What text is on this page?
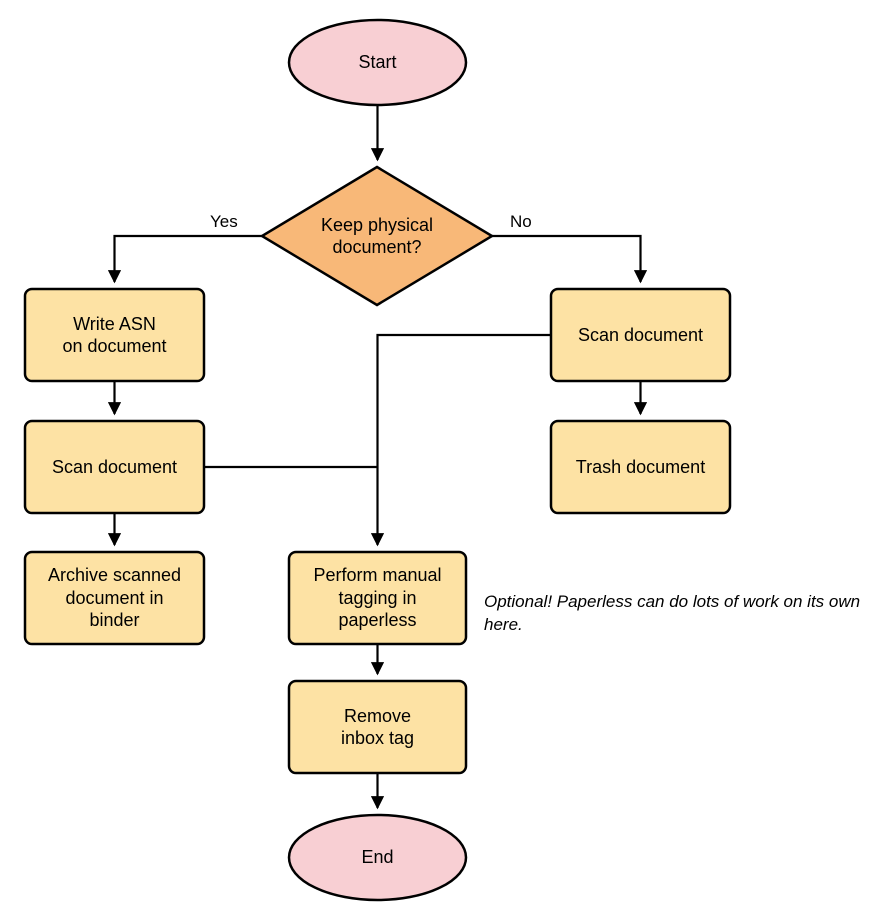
Start
Keep physical
document?
Write ASN
on document
Scan document
Archive scanned
document in
binder
Scan document
Trash document
Perform manual
tagging in
paperless
Remove
inbox tag
End
Yes	No
Optional! Paperless can do lots of work on its own here.
